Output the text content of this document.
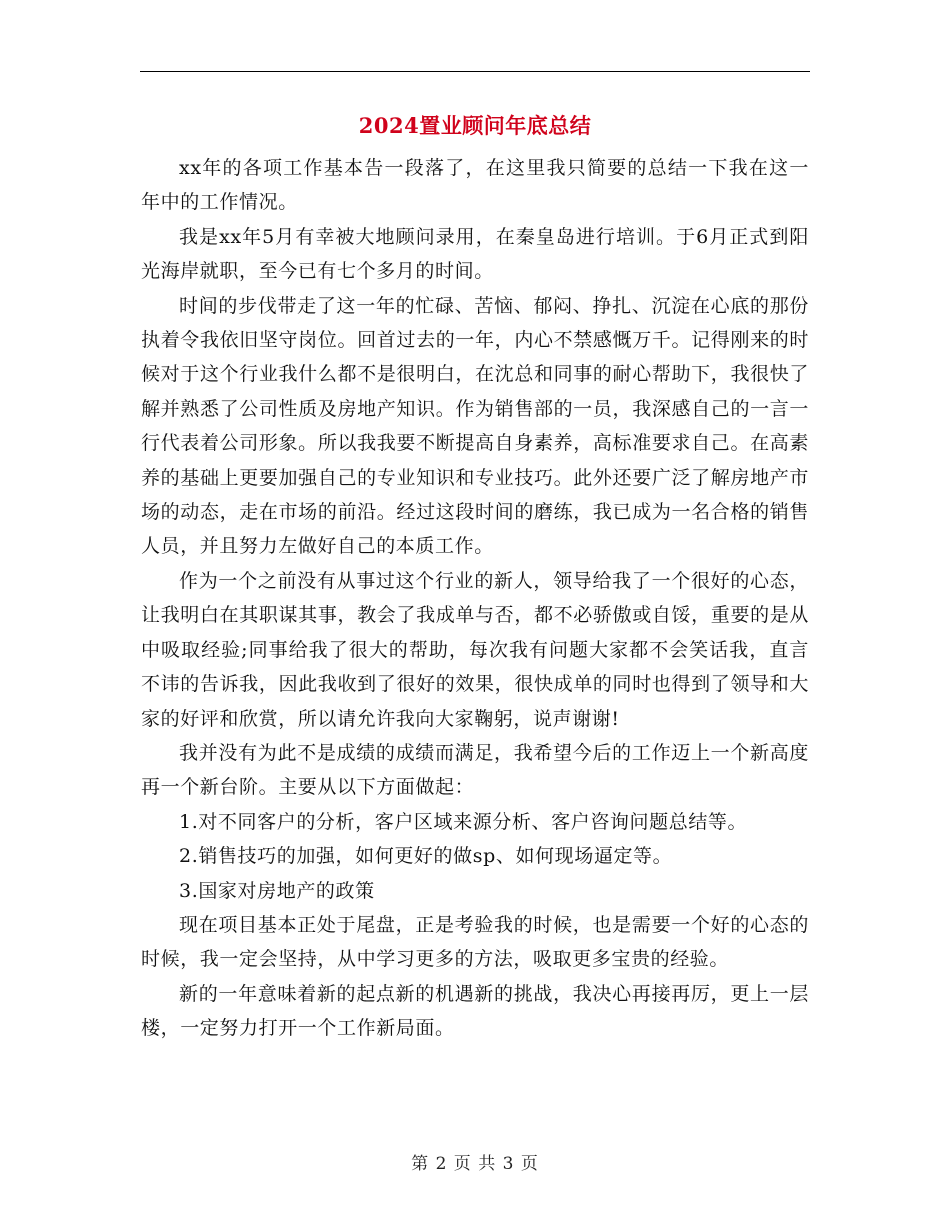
2024置业顾问年底总结

xx年的各项工作基本告一段落了，在这里我只简要的总结一下我在这一年中的工作情况。

我是xx年5月有幸被大地顾问录用，在秦皇岛进行培训。于6月正式到阳光海岸就职，至今已有七个多月的时间。

时间的步伐带走了这一年的忙碌、苦恼、郁闷、挣扎、沉淀在心底的那份执着令我依旧坚守岗位。回首过去的一年，内心不禁感慨万千。记得刚来的时候对于这个行业我什么都不是很明白，在沈总和同事的耐心帮助下，我很快了解并熟悉了公司性质及房地产知识。作为销售部的一员，我深感自己的一言一行代表着公司形象。所以我我要不断提高自身素养，高标准要求自己。在高素养的基础上更要加强自己的专业知识和专业技巧。此外还要广泛了解房地产市场的动态，走在市场的前沿。经过这段时间的磨练，我已成为一名合格的销售人员，并且努力左做好自己的本质工作。

作为一个之前没有从事过这个行业的新人，领导给我了一个很好的心态，让我明白在其职谋其事，教会了我成单与否，都不必骄傲或自馁，重要的是从中吸取经验;同事给我了很大的帮助，每次我有问题大家都不会笑话我，直言不讳的告诉我，因此我收到了很好的效果，很快成单的同时也得到了领导和大家的好评和欣赏，所以请允许我向大家鞠躬，说声谢谢!

我并没有为此不是成绩的成绩而满足，我希望今后的工作迈上一个新高度再一个新台阶。主要从以下方面做起：

1.对不同客户的分析，客户区域来源分析、客户咨询问题总结等。

2.销售技巧的加强，如何更好的做sp、如何现场逼定等。

3.国家对房地产的政策

现在项目基本正处于尾盘，正是考验我的时候，也是需要一个好的心态的时候，我一定会坚持，从中学习更多的方法，吸取更多宝贵的经验。

新的一年意味着新的起点新的机遇新的挑战，我决心再接再厉，更上一层楼，一定努力打开一个工作新局面。

第 2 页 共 3 页
